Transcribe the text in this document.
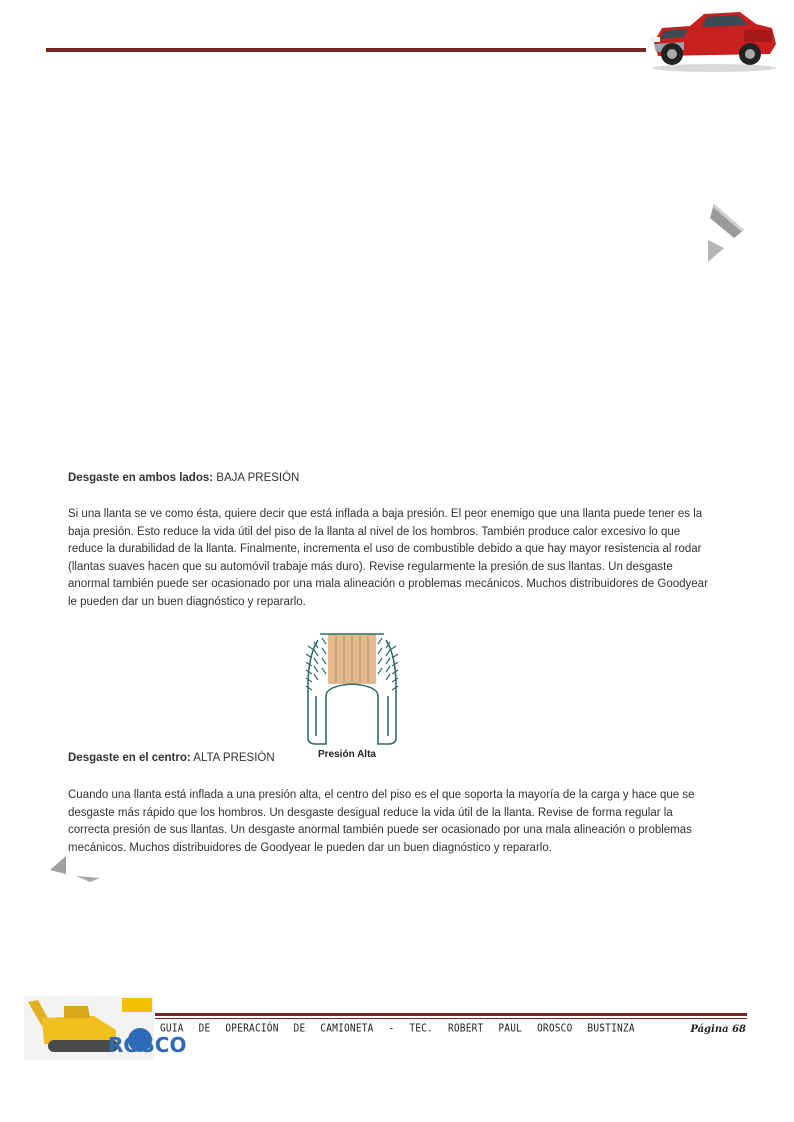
Desgaste en ambos lados: BAJA PRESIÓN

Si una llanta se ve como ésta, quiere decir que está inflada a baja presión. El peor enemigo que una llanta puede tener es la baja presión. Esto reduce la vida útil del piso de la llanta al nivel de los hombros. También produce calor excesivo lo que reduce la durabilidad de la llanta. Finalmente, incrementa el uso de combustible debido a que hay mayor resistencia al rodar (llantas suaves hacen que su automóvil trabaje más duro). Revise regularmente la presión de sus llantas. Un desgaste anormal también puede ser ocasionado por una mala alineación o problemas mecánicos. Muchos distribuidores de Goodyear le pueden dar un buen diagnóstico y repararlo.

Presión Alta
Desgaste en el centro: ALTA PRESIÓN

Cuando una llanta está inflada a una presión alta, el centro del piso es el que soporta la mayoría de la carga y hace que se desgaste más rápido que los hombros. Un desgaste desigual reduce la vida útil de la llanta. Revise de forma regular la correcta presión de sus llantas. Un desgaste anormal también puede ser ocasionado por una mala alineación o problemas mecánicos. Muchos distribuidores de Goodyear le pueden dar un buen diagnóstico y repararlo.

ROSCO
GUIA DE OPERACIÓN DE CAMIONETA - TEC. ROBERT PAUL OROSCO BUSTINZA	Página 68
